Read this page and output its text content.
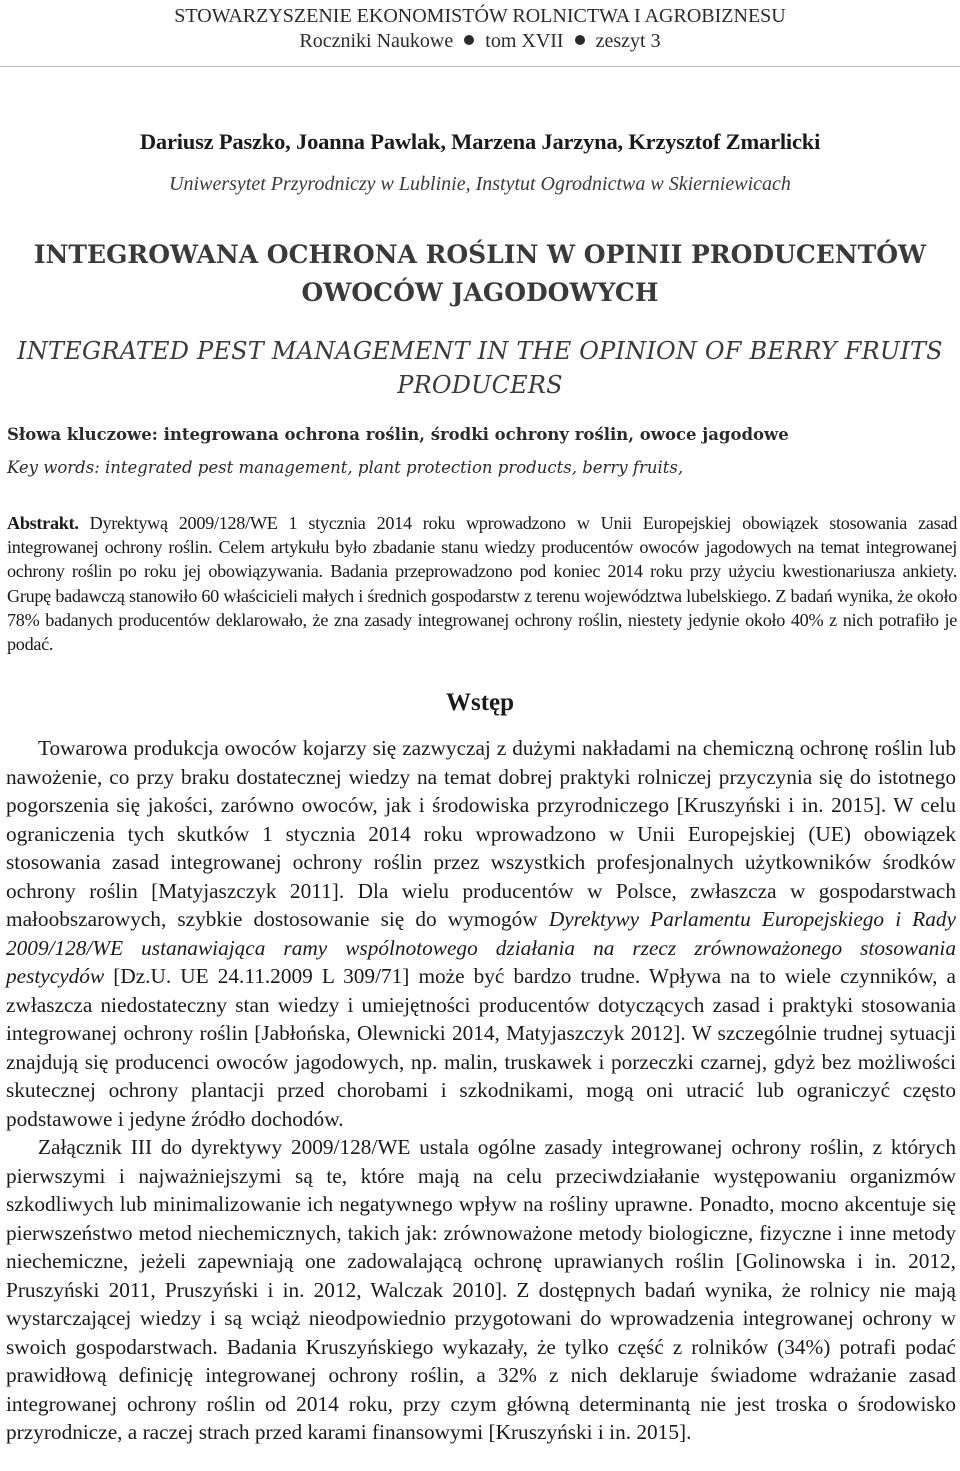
STOWARZYSZENIE EKONOMISTÓW ROLNICTWA I AGROBIZNESU
Roczniki Naukowe tom XVII zeszyt 3
Dariusz Paszko, Joanna Pawlak, Marzena Jarzyna, Krzysztof Zmarlicki
Uniwersytet Przyrodniczy w Lublinie, Instytut Ogrodnictwa w Skierniewicach
INTEGROWANA OCHRONA ROŚLIN W OPINII PRODUCENTÓW
OWOCÓW JAGODOWYCH
INTEGRATED PEST MANAGEMENT IN THE OPINION OF BERRY FRUITS
PRODUCERS
Słowa kluczowe: integrowana ochrona roślin, środki ochrony roślin, owoce jagodowe
Key words: integrated pest management, plant protection products, berry fruits,
Abstrakt. Dyrektywą 2009/128/WE 1 stycznia 2014 roku wprowadzono w Unii Europejskiej obowiązek stosowania zasad integrowanej ochrony roślin. Celem artykułu było zbadanie stanu wiedzy producentów owoców jagodowych na temat integrowanej ochrony roślin po roku jej obowiązywania. Badania przeprowadzono pod koniec 2014 roku przy użyciu kwestionariusza ankiety. Grupę badawczą stanowiło 60 właścicieli małych i średnich gospodarstw z terenu województwa lubelskiego. Z badań wynika, że około 78% badanych producentów deklarowało, że zna zasady integrowanej ochrony roślin, niestety jedynie około 40% z nich potrafiło je podać.
Wstęp

Towarowa produkcja owoców kojarzy się zazwyczaj z dużymi nakładami na chemiczną ochronę roślin lub nawożenie, co przy braku dostatecznej wiedzy na temat dobrej praktyki rolniczej przyczynia się do istotnego pogorszenia się jakości, zarówno owoców, jak i środowiska przyrodniczego [Kruszyński i in. 2015]. W celu ograniczenia tych skutków 1 stycznia 2014 roku wprowadzono w Unii Europejskiej (UE) obowiązek stosowania zasad integrowanej ochrony roślin przez wszystkich profesjonalnych użytkowników środków ochrony roślin [Matyjaszczyk 2011]. Dla wielu producentów w Polsce, zwłaszcza w gospodarstwach małoobszarowych, szybkie dostosowanie się do wymogów Dyrektywy Parlamentu Europejskiego i Rady 2009/128/WE ustanawiająca ramy wspólnotowego działania na rzecz zrównoważonego stosowania pestycydów [Dz.U. UE 24.11.2009 L 309/71] może być bardzo trudne. Wpływa na to wiele czynników, a zwłaszcza niedostateczny stan wiedzy i umiejętności producentów dotyczących zasad i praktyki stosowania integrowanej ochrony roślin [Jabłońska, Olewnicki 2014, Matyjaszczyk 2012]. W szczególnie trudnej sytuacji znajdują się producenci owoców jagodowych, np. malin, truskawek i porzeczki czarnej, gdyż bez możliwości skutecznej ochrony plantacji przed chorobami i szkodnikami, mogą oni utracić lub ograniczyć często podstawowe i jedyne źródło dochodów.

Załącznik III do dyrektywy 2009/128/WE ustala ogólne zasady integrowanej ochrony roślin, z których pierwszymi i najważniejszymi są te, które mają na celu przeciwdziałanie występowaniu organizmów szkodliwych lub minimalizowanie ich negatywnego wpływ na rośliny uprawne. Ponadto, mocno akcentuje się pierwszeństwo metod niechemicznych, takich jak: zrównoważone metody biologiczne, fizyczne i inne metody niechemiczne, jeżeli zapewniają one zadowalającą ochronę uprawianych roślin [Golinowska i in. 2012, Pruszyński 2011, Pruszyński i in. 2012, Walczak 2010]. Z dostępnych badań wynika, że rolnicy nie mają wystarczającej wiedzy i są wciąż nieodpowiednio przygotowani do wprowadzenia integrowanej ochrony w swoich gospodarstwach. Badania Kruszyńskiego wykazały, że tylko część z rolników (34%) potrafi podać prawidłową definicję integrowanej ochrony roślin, a 32% z nich deklaruje świadome wdrażanie zasad integrowanej ochrony roślin od 2014 roku, przy czym główną determinantą nie jest troska o środowisko przyrodnicze, a raczej strach przed karami finansowymi [Kruszyński i in. 2015].
